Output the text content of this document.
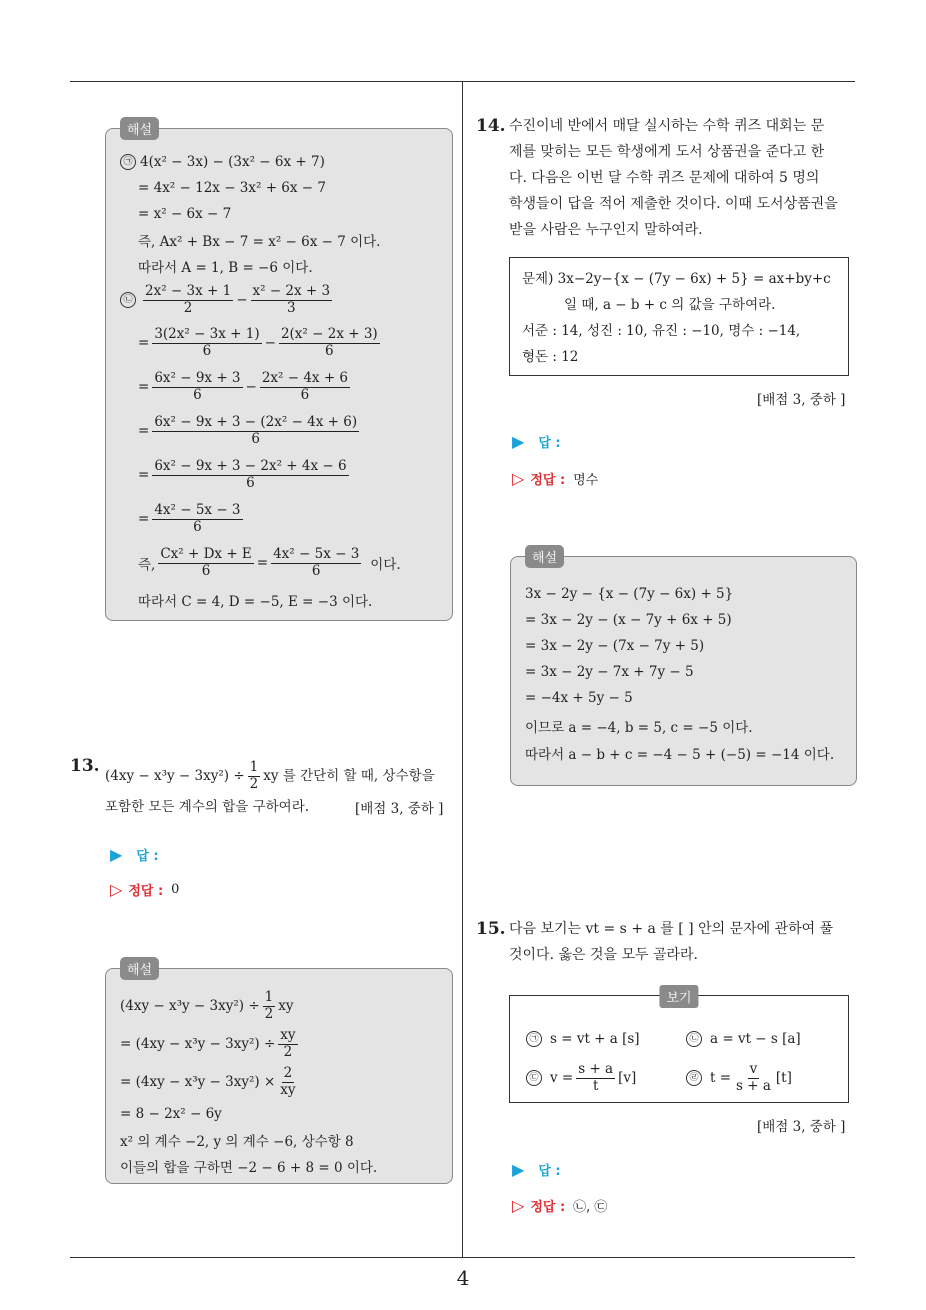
4
해설
㉠ 4(x² − 3x) − (3x² − 6x + 7)
= 4x² − 12x − 3x² + 6x − 7
= x² − 6x − 7
즉, Ax² + Bx − 7 = x² − 6x − 7 이다.
따라서 A = 1, B = −6 이다.
㉡ $\frac{\text{2x² − 3x + 1}}{2} - \frac{\text{x² − 2x + 3}}{3}$
= $\frac{\text{3(2x² − 3x + 1)}}{6} - \frac{\text{2(x² − 2x + 3)}}{6}$
= $\frac{\text{6x² − 9x + 3}}{6} - \frac{\text{2x² − 4x + 6}}{6}$
= $\frac{\text{6x² − 9x + 3 − (2x² − 4x + 6)}}{6}$
= $\frac{\text{6x² − 9x + 3 − 2x² + 4x − 6}}{6}$
= $\frac{\text{4x² − 5x − 3}}{6}$
즉, $\frac{\text{Cx² + Dx + E}}{6} = \frac{\text{4x² − 5x − 3}}{6}$ 이다.
따라서 C = 4, D = −5, E = −3 이다.
13. $(4xy - x^3y - 3xy^2) \div \frac{1}{2}$ xy 를 간단히 할 때, 상수항을
포함한 모든 계수의 합을 구하여라.	[배점 3, 중하 ]
▶ 답 :
▷ 정답 : 0
해설
$(4xy - x^3y - 3xy^2) \div \frac{1}{2}$ xy
= $(4xy - x^3y - 3xy^2) \div \frac{xy}{2}$
= $(4xy - x^3y - 3xy^2) \times \frac{2}{xy}$
= 8 − 2x² − 6y
x² 의 계수 −2, y 의 계수 −6, 상수항 8
이들의 합을 구하면 −2 − 6 + 8 = 0 이다.
14. 수진이네 반에서 매달 실시하는 수학 퀴즈 대회는 문
제를 맞히는 모든 학생에게 도서 상품권을 준다고 한
다. 다음은 이번 달 수학 퀴즈 문제에 대하여 5 명의
학생들이 답을 적어 제출한 것이다. 이때 도서상품권을
받을 사람은 누구인지 말하여라.
문제) 3x−2y−{x − (7y − 6x) + 5} = ax+by+c
일 때, a − b + c 의 값을 구하여라.
서준 : 14, 성진 : 10, 유진 : −10, 명수 : −14,
형돈 : 12
[배점 3, 중하 ]
▶ 답 :
▷ 정답 : 명수
해설
3x − 2y − {x − (7y − 6x) + 5}
= 3x − 2y − (x − 7y + 6x + 5)
= 3x − 2y − (7x − 7y + 5)
= 3x − 2y − 7x + 7y − 5
= −4x + 5y − 5
이므로 a = −4, b = 5, c = −5 이다.
따라서 a − b + c = −4 − 5 + (−5) = −14 이다.
15. 다음 보기는 vt = s + a 를 [ ] 안의 문자에 관하여 풀
것이다. 옳은 것을 모두 골라라.
보기
㉠ s = vt + a [s]	㉡ a = vt − s [a]
㉢ $v = \frac{s + a}{t} [v]$	㉣ $t = \frac{v}{s + a} [t]$
[배점 3, 중하 ]
▶ 답 :
▷ 정답 : ㉡, ㉢
